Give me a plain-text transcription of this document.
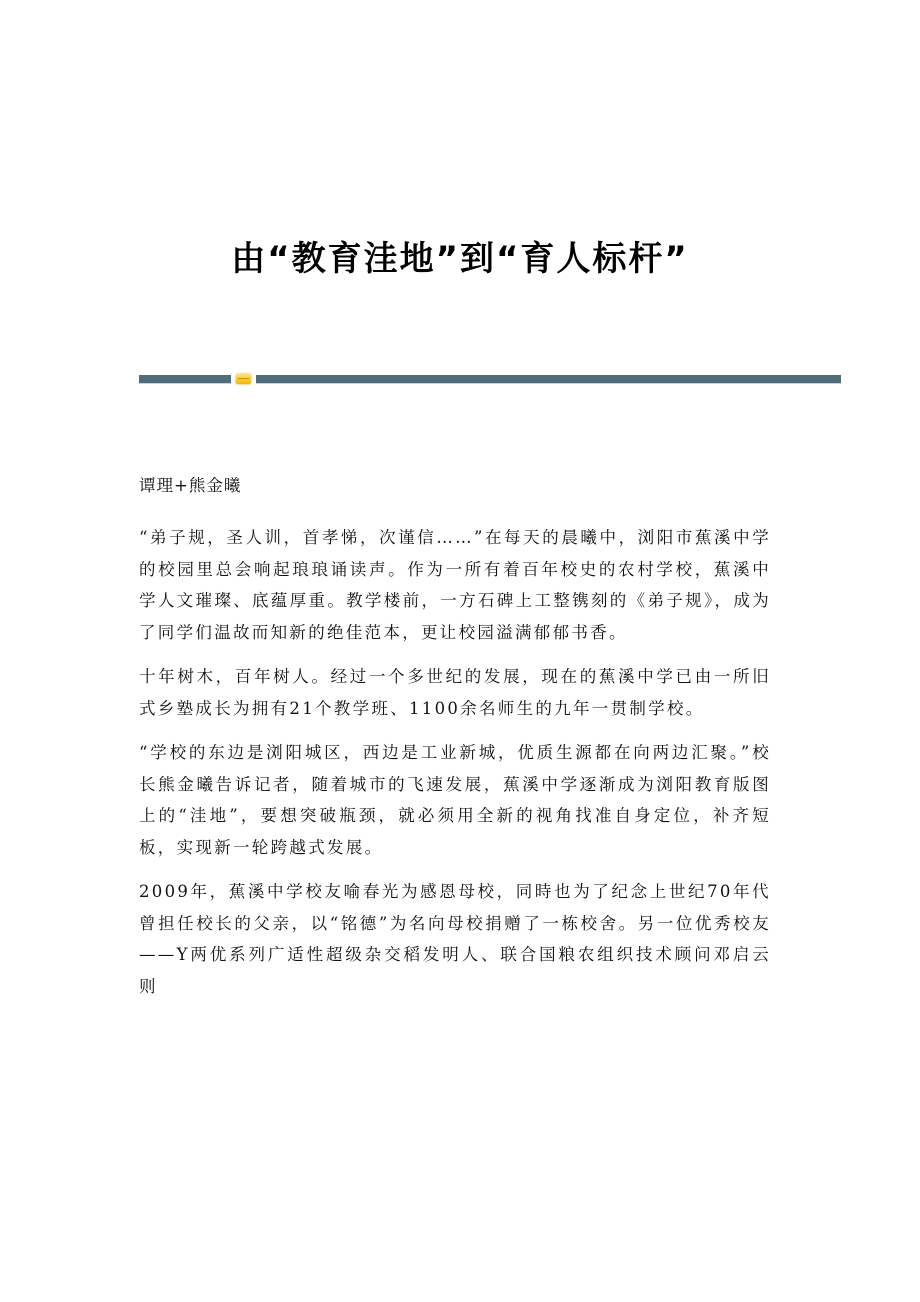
由“教育洼地”到“育人标杆”

谭理+熊金曦

“弟子规，圣人训，首孝悌，次谨信……”在每天的晨曦中，浏阳市蕉溪中学的校园里总会响起琅琅诵读声。作为一所有着百年校史的农村学校，蕉溪中学人文璀璨、底蕴厚重。教学楼前，一方石碑上工整镌刻的《弟子规》，成为了同学们温故而知新的绝佳范本，更让校园溢满郁郁书香。

十年树木，百年树人。经过一个多世纪的发展，现在的蕉溪中学已由一所旧式乡塾成长为拥有21个教学班、1100余名师生的九年一贯制学校。

“学校的东边是浏阳城区，西边是工业新城，优质生源都在向两边汇聚。”校长熊金曦告诉记者，随着城市的飞速发展，蕉溪中学逐渐成为浏阳教育版图上的“洼地”，要想突破瓶颈，就必须用全新的视角找准自身定位，补齐短板，实现新一轮跨越式发展。

2009年，蕉溪中学校友喻春光为感恩母校，同時也为了纪念上世纪70年代曾担任校长的父亲，以“铭德”为名向母校捐赠了一栋校舍。另一位优秀校友——Y两优系列广适性超级杂交稻发明人、联合国粮农组织技术顾问邓启云则
